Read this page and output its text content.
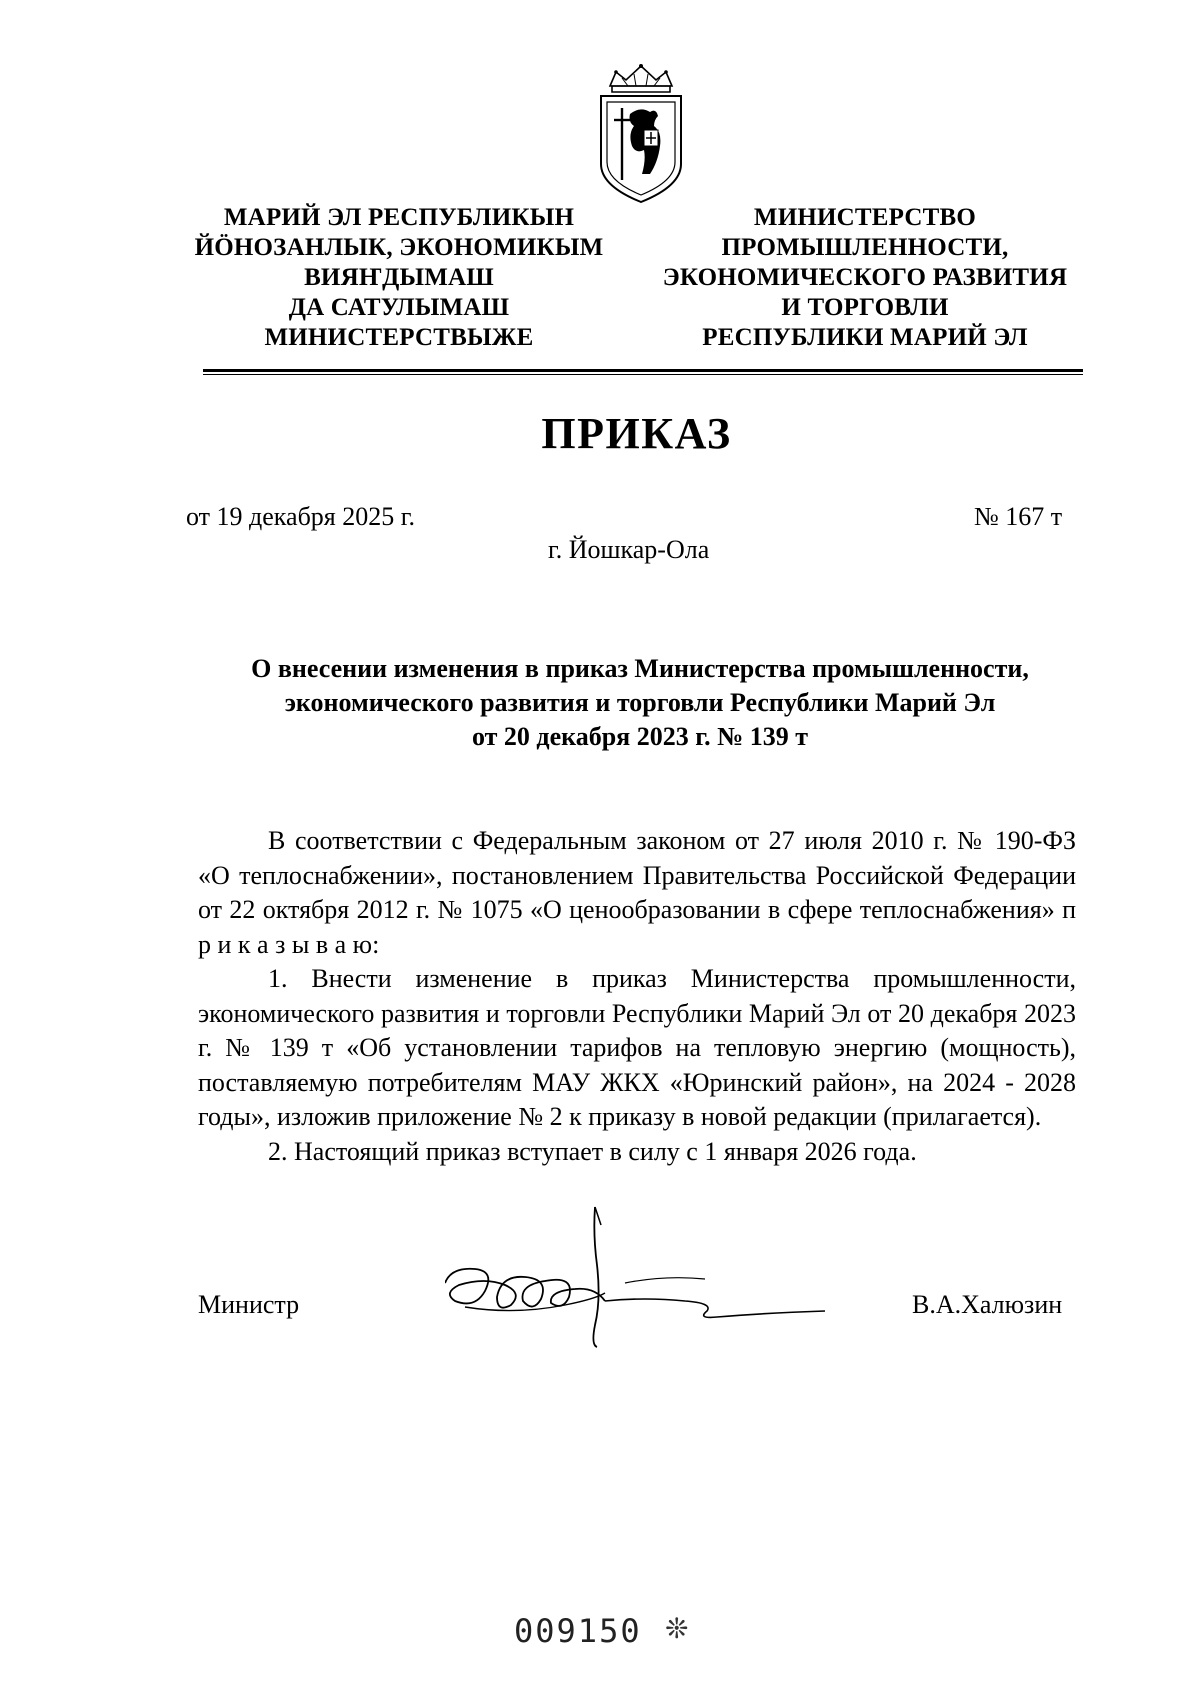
МАРИЙ ЭЛ РЕСПУБЛИКЫН
ЙӦНОЗАНЛЫК, ЭКОНОМИКЫМ
ВИЯҤДЫМАШ
ДА САТУЛЫМАШ
МИНИСТЕРСТВЫЖЕ
МИНИСТЕРСТВО
ПРОМЫШЛЕННОСТИ,
ЭКОНОМИЧЕСКОГО РАЗВИТИЯ
И ТОРГОВЛИ
РЕСПУБЛИКИ МАРИЙ ЭЛ
ПРИКАЗ
от 19 декабря 2025 г.	№ 167 т
г. Йошкар-Ола
О внесении изменения в приказ Министерства промышленности,
экономического развития и торговли Республики Марий Эл
от 20 декабря 2023 г. № 139 т

В соответствии с Федеральным законом от 27 июля 2010 г. № 190-ФЗ «О теплоснабжении», постановлением Правительства Российской Федерации от 22 октября 2012 г. № 1075 «О ценообразовании в сфере теплоснабжения» п р и к а з ы в а ю:

1. Внести изменение в приказ Министерства промышленности, экономического развития и торговли Республики Марий Эл от 20 декабря 2023 г. № 139 т «Об установлении тарифов на тепловую энергию (мощность), поставляемую потребителям МАУ ЖКХ «Юринский район», на 2024 - 2028 годы», изложив приложение № 2 к приказу в новой редакции (прилагается).

2. Настоящий приказ вступает в силу с 1 января 2026 года.

Министр	В.А.Халюзин
009150 ❊
